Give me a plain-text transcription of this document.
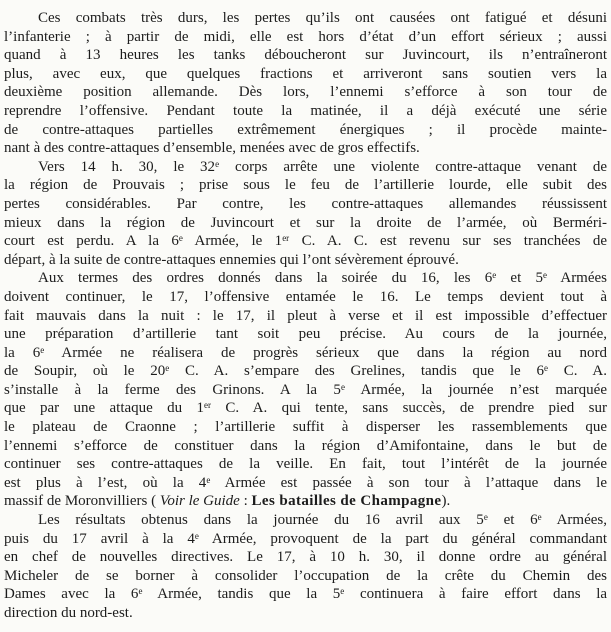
Ces combats très durs, les pertes qu’ils ont causées ont fatigué et désuni
l’infanterie ; à partir de midi, elle est hors d’état d’un effort sérieux ; aussi
quand à 13 heures les tanks déboucheront sur Juvincourt, ils n’entraîneront
plus, avec eux, que quelques fractions et arriveront sans soutien vers la
deuxième position allemande. Dès lors, l’ennemi s’efforce à son tour de
reprendre l’offensive. Pendant toute la matinée, il a déjà exécuté une série
de contre-attaques partielles extrêmement énergiques ; il procède mainte-
nant à des contre-attaques d’ensemble, menées avec de gros effectifs.
Vers 14 h. 30, le 32e corps arrête une violente contre-attaque venant de
la région de Prouvais ; prise sous le feu de l’artillerie lourde, elle subit des
pertes considérables. Par contre, les contre-attaques allemandes réussissent
mieux dans la région de Juvincourt et sur la droite de l’armée, où Berméri-
court est perdu. A la 6e Armée, le 1er C. A. C. est revenu sur ses tranchées de
départ, à la suite de contre-attaques ennemies qui l’ont sévèrement éprouvé.
Aux termes des ordres donnés dans la soirée du 16, les 6e et 5e Armées
doivent continuer, le 17, l’offensive entamée le 16. Le temps devient tout à
fait mauvais dans la nuit : le 17, il pleut à verse et il est impossible d’effectuer
une préparation d’artillerie tant soit peu précise. Au cours de la journée,
la 6e Armée ne réalisera de progrès sérieux que dans la région au nord
de Soupir, où le 20e C. A. s’empare des Grelines, tandis que le 6e C. A.
s’installe à la ferme des Grinons. A la 5e Armée, la journée n’est marquée
que par une attaque du 1er C. A. qui tente, sans succès, de prendre pied sur
le plateau de Craonne ; l’artillerie suffit à disperser les rassemblements que
l’ennemi s’efforce de constituer dans la région d’Amifontaine, dans le but de
continuer ses contre-attaques de la veille. En fait, tout l’intérêt de la journée
est plus à l’est, où la 4e Armée est passée à son tour à l’attaque dans le
massif de Moronvilliers ( Voir le Guide : Les batailles de Champagne).
Les résultats obtenus dans la journée du 16 avril aux 5e et 6e Armées,
puis du 17 avril à la 4e Armée, provoquent de la part du général commandant
en chef de nouvelles directives. Le 17, à 10 h. 30, il donne ordre au général
Micheler de se borner à consolider l’occupation de la crête du Chemin des
Dames avec la 6e Armée, tandis que la 5e continuera à faire effort dans la
direction du nord-est.
